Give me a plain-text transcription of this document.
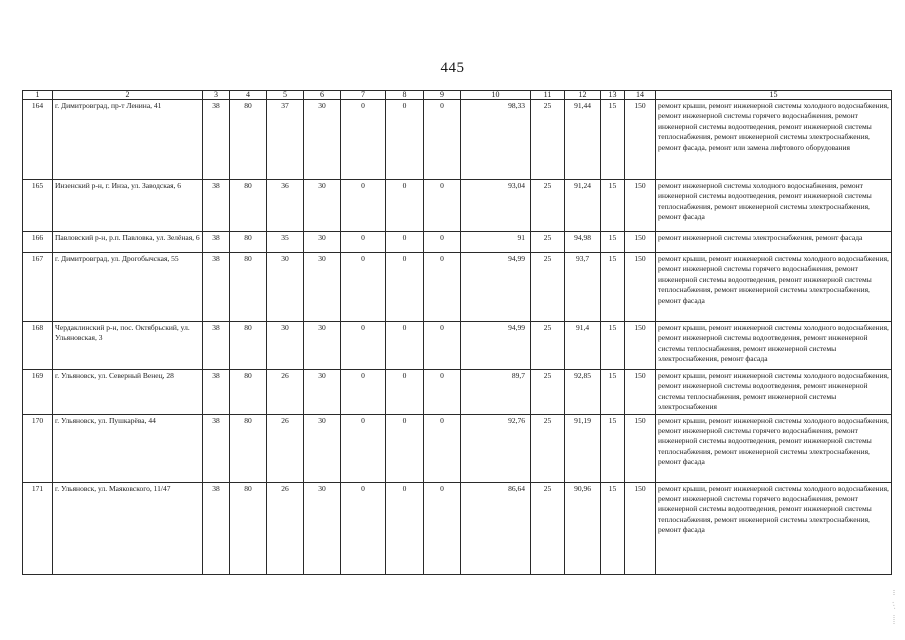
445
1	2	3	4	5	6	7	8	9	10	11	12	13	14	15
164	г. Димитровград, пр-т Ленина, 41	38	80	37	30	0	0	0	98,33	25	91,44	15	150	ремонт крыши, ремонт инженерной системы холодного водоснабжения, ремонт инженерной системы горячего водоснабжения, ремонт инженерной системы водоотведения, ремонт инженерной системы теплоснабжения, ремонт инженерной системы электроснабжения, ремонт фасада, ремонт или замена лифтового оборудования
165	Инзенский р-н, г. Инза, ул. Заводская, 6	38	80	36	30	0	0	0	93,04	25	91,24	15	150	ремонт инженерной системы холодного водоснабжения, ремонт инженерной системы водоотведения, ремонт инженерной системы теплоснабжения, ремонт инженерной системы электроснабжения, ремонт фасада
166	Павловский р-н, р.п. Павловка, ул. Зелёная, 6	38	80	35	30	0	0	0	91	25	94,98	15	150	ремонт инженерной системы электроснабжения, ремонт фасада
167	г. Димитровград, ул. Дрогобычская, 55	38	80	30	30	0	0	0	94,99	25	93,7	15	150	ремонт крыши, ремонт инженерной системы холодного водоснабжения, ремонт инженерной системы горячего водоснабжения, ремонт инженерной системы водоотведения, ремонт инженерной системы теплоснабжения, ремонт инженерной системы электроснабжения, ремонт фасада
168	Чердаклинский р-н, пос. Октябрьский, ул. Ульяновская, 3	38	80	30	30	0	0	0	94,99	25	91,4	15	150	ремонт крыши, ремонт инженерной системы холодного водоснабжения, ремонт инженерной системы водоотведения, ремонт инженерной системы теплоснабжения, ремонт инженерной системы электроснабжения, ремонт фасада
169	г. Ульяновск, ул. Северный Венец, 28	38	80	26	30	0	0	0	89,7	25	92,85	15	150	ремонт крыши, ремонт инженерной системы холодного водоснабжения, ремонт инженерной системы водоотведения, ремонт инженерной системы теплоснабжения, ремонт инженерной системы электроснабжения
170	г. Ульяновск, ул. Пушкарёва, 44	38	80	26	30	0	0	0	92,76	25	91,19	15	150	ремонт крыши, ремонт инженерной системы холодного водоснабжения, ремонт инженерной системы горячего водоснабжения, ремонт инженерной системы водоотведения, ремонт инженерной системы теплоснабжения, ремонт инженерной системы электроснабжения, ремонт фасада
171	г. Ульяновск, ул. Маяковского, 11/47	38	80	26	30	0	0	0	86,64	25	90,96	15	150	ремонт крыши, ремонт инженерной системы холодного водоснабжения, ремонт инженерной системы горячего водоснабжения, ремонт инженерной системы водоотведения, ремонт инженерной системы теплоснабжения, ремонт инженерной системы электроснабжения, ремонт фасада
